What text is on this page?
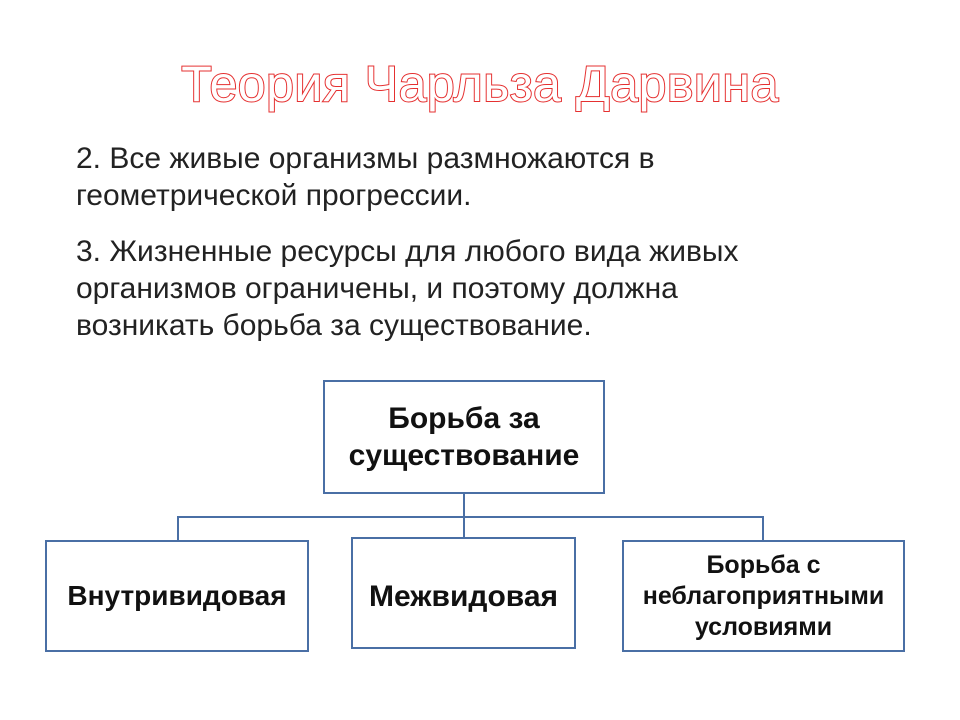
Теория Чарльза Дарвина
2. Все живые организмы размножаются в
геометрической прогрессии.
3. Жизненные ресурсы для любого вида живых
организмов ограничены, и поэтому должна
возникать борьба за существование.
Борьба за
существование
Внутривидовая	Межвидовая
Борьба с
неблагоприятными
условиями
